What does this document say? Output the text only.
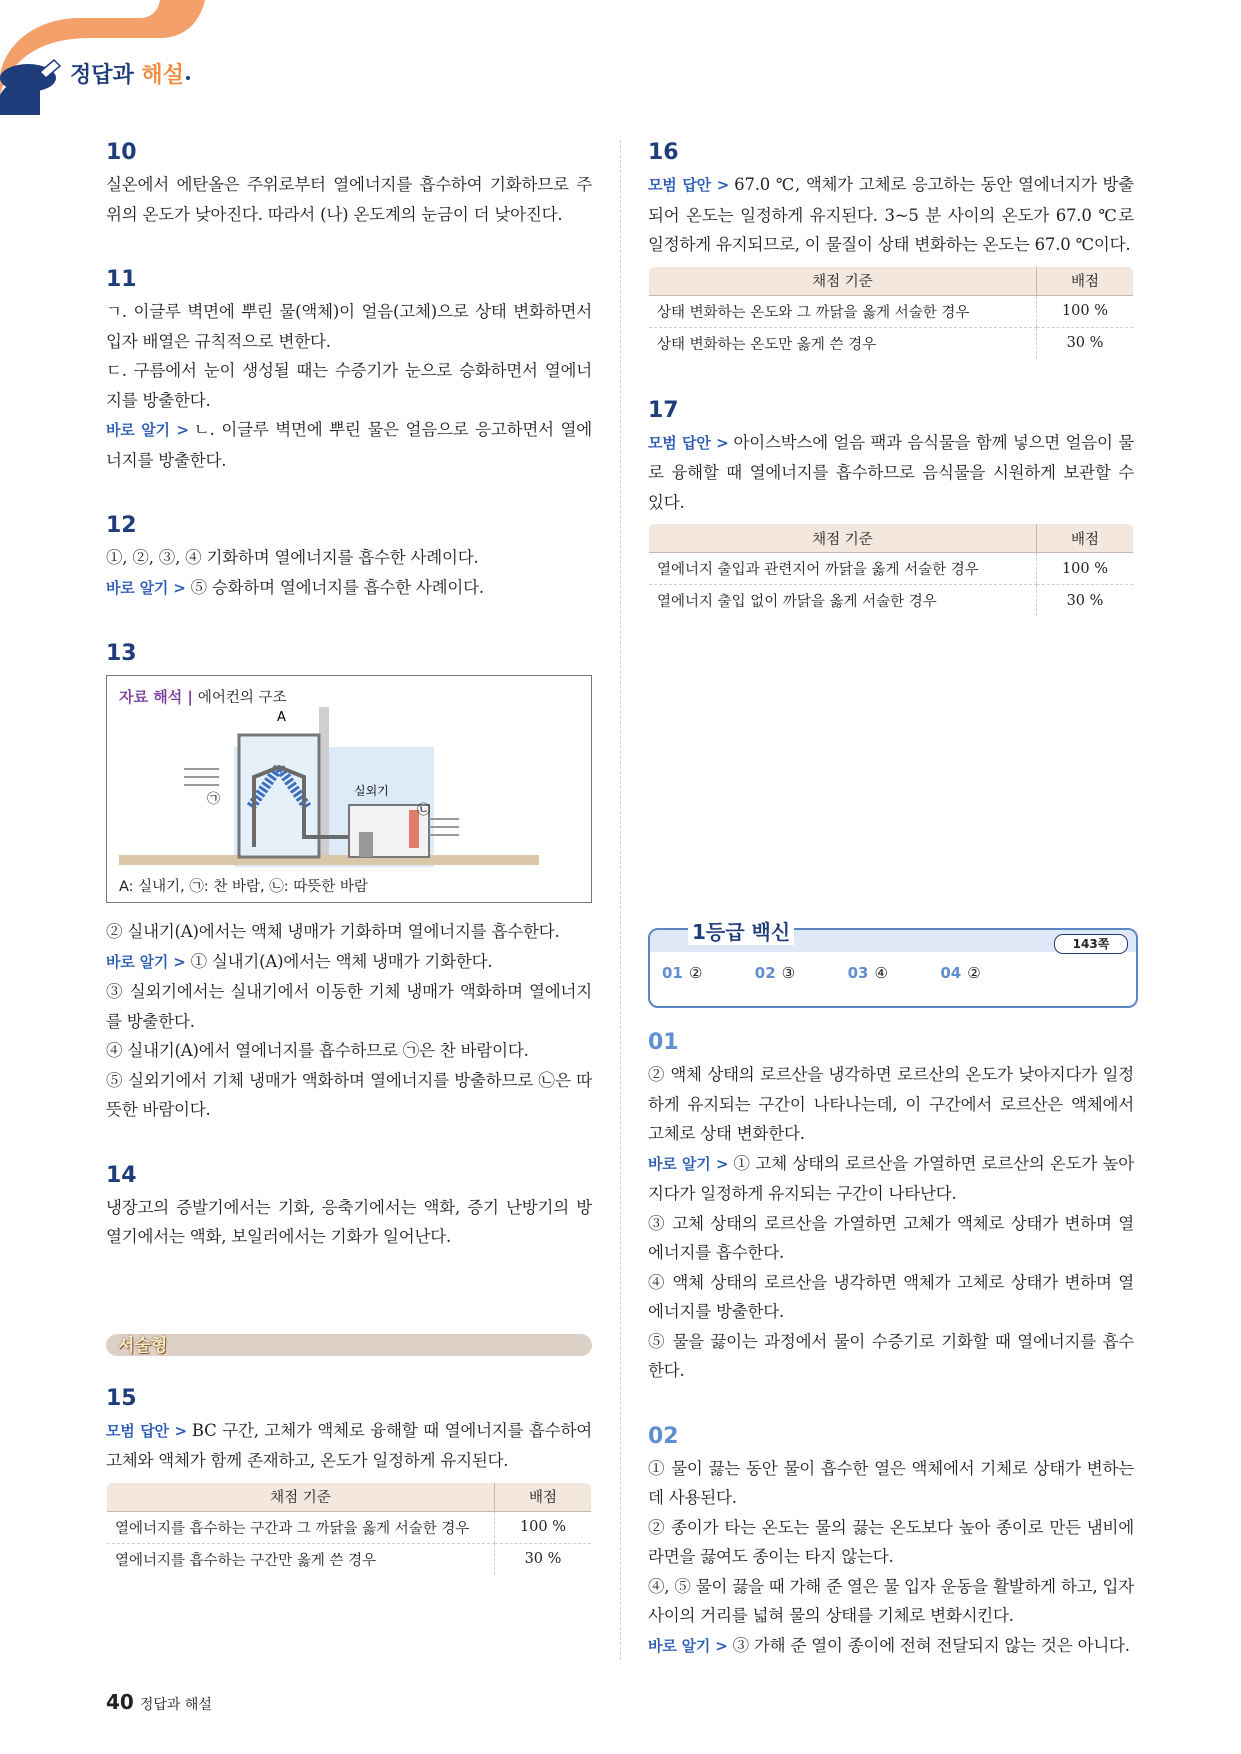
정답과 해설
10

실온에서 에탄올은 주위로부터 열에너지를 흡수하여 기화하므로 주위의 온도가 낮아진다. 따라서 (나) 온도계의 눈금이 더 낮아진다.

11

ㄱ. 이글루 벽면에 뿌린 물(액체)이 얼음(고체)으로 상태 변화하면서 입자 배열은 규칙적으로 변한다.

ㄷ. 구름에서 눈이 생성될 때는 수증기가 눈으로 승화하면서 열에너지를 방출한다.

바로 알기 > ㄴ. 이글루 벽면에 뿌린 물은 얼음으로 응고하면서 열에너지를 방출한다.

12

①, ②, ③, ④ 기화하며 열에너지를 흡수한 사례이다.

바로 알기 > ⑤ 승화하며 열에너지를 흡수한 사례이다.

13
자료 해석 | 에어컨의 구조
A
실외기
㉠
㉡
A: 실내기, ㉠: 찬 바람, ㉡: 따뜻한 바람

② 실내기(A)에서는 액체 냉매가 기화하며 열에너지를 흡수한다.

바로 알기 > ① 실내기(A)에서는 액체 냉매가 기화한다.

③ 실외기에서는 실내기에서 이동한 기체 냉매가 액화하며 열에너지를 방출한다.

④ 실내기(A)에서 열에너지를 흡수하므로 ㉠은 찬 바람이다.

⑤ 실외기에서 기체 냉매가 액화하며 열에너지를 방출하므로 ㉡은 따뜻한 바람이다.

14

냉장고의 증발기에서는 기화, 응축기에서는 액화, 증기 난방기의 방열기에서는 액화, 보일러에서는 기화가 일어난다.

서술형
15

모범 답안 > BC 구간, 고체가 액체로 융해할 때 열에너지를 흡수하여 고체와 액체가 함께 존재하고, 온도가 일정하게 유지된다.

채점 기준	배점
열에너지를 흡수하는 구간과 그 까닭을 옳게 서술한 경우	100 %
열에너지를 흡수하는 구간만 옳게 쓴 경우	30 %
16

모범 답안 > 67.0 ℃, 액체가 고체로 응고하는 동안 열에너지가 방출되어 온도는 일정하게 유지된다. 3~5 분 사이의 온도가 67.0 ℃로 일정하게 유지되므로, 이 물질이 상태 변화하는 온도는 67.0 ℃이다.

채점 기준	배점
상태 변화하는 온도와 그 까닭을 옳게 서술한 경우	100 %
상태 변화하는 온도만 옳게 쓴 경우	30 %
17

모범 답안 > 아이스박스에 얼음 팩과 음식물을 함께 넣으면 얼음이 물로 융해할 때 열에너지를 흡수하므로 음식물을 시원하게 보관할 수 있다.

채점 기준	배점
열에너지 출입과 관련지어 까닭을 옳게 서술한 경우	100 %
열에너지 출입 없이 까닭을 옳게 서술한 경우	30 %
1등급 백신	143쪽
01 ②	02 ③	03 ④	04 ②
01

② 액체 상태의 로르산을 냉각하면 로르산의 온도가 낮아지다가 일정하게 유지되는 구간이 나타나는데, 이 구간에서 로르산은 액체에서 고체로 상태 변화한다.

바로 알기 > ① 고체 상태의 로르산을 가열하면 로르산의 온도가 높아지다가 일정하게 유지되는 구간이 나타난다.

③ 고체 상태의 로르산을 가열하면 고체가 액체로 상태가 변하며 열에너지를 흡수한다.

④ 액체 상태의 로르산을 냉각하면 액체가 고체로 상태가 변하며 열에너지를 방출한다.

⑤ 물을 끓이는 과정에서 물이 수증기로 기화할 때 열에너지를 흡수한다.

02

① 물이 끓는 동안 물이 흡수한 열은 액체에서 기체로 상태가 변하는 데 사용된다.

② 종이가 타는 온도는 물의 끓는 온도보다 높아 종이로 만든 냄비에 라면을 끓여도 종이는 타지 않는다.

④, ⑤ 물이 끓을 때 가해 준 열은 물 입자 운동을 활발하게 하고, 입자 사이의 거리를 넓혀 물의 상태를 기체로 변화시킨다.

바로 알기 > ③ 가해 준 열이 종이에 전혀 전달되지 않는 것은 아니다.

40 정답과 해설
